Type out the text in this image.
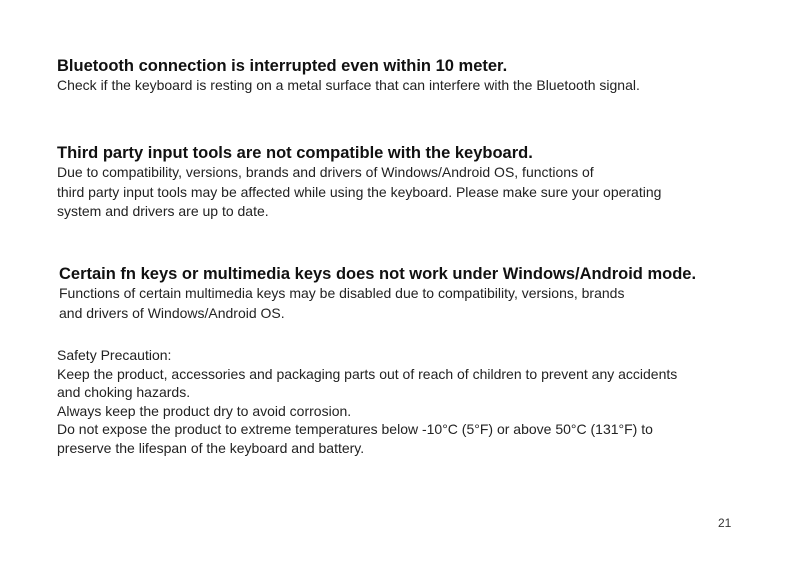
Bluetooth connection is interrupted even within 10 meter.
Check if the keyboard is resting on a metal surface that can interfere with the Bluetooth signal.
Third party input tools are not compatible with the keyboard.
Due to compatibility, versions, brands and drivers of Windows/Android OS, functions of
third party input tools may be affected while using the keyboard. Please make sure your operating
system and drivers are up to date.
Certain fn keys or multimedia keys does not work under Windows/Android mode.
Functions of certain multimedia keys may be disabled due to compatibility, versions, brands
and drivers of Windows/Android OS.
Safety Precaution:
Keep the product, accessories and packaging parts out of reach of children to prevent any accidents
and choking hazards.
Always keep the product dry to avoid corrosion.
Do not expose the product to extreme temperatures below -10°C (5°F) or above 50°C (131°F) to
preserve the lifespan of the keyboard and battery.
21
